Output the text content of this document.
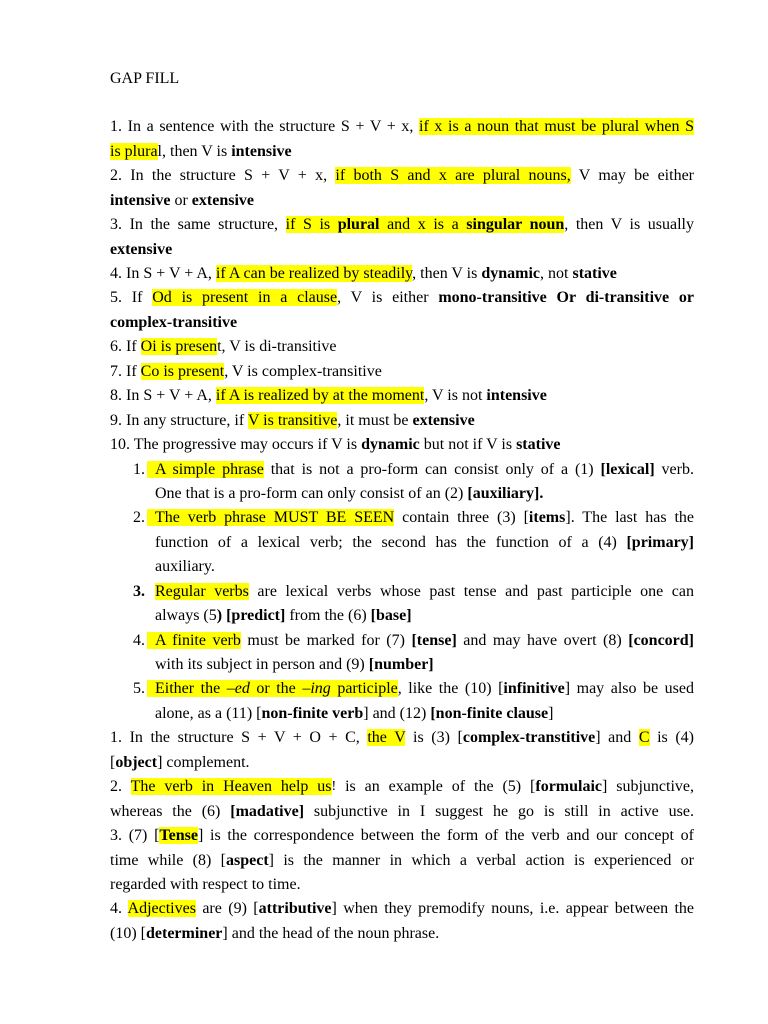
GAP FILL
1. In a sentence with the structure S + V + x, if x is a noun that must be plural when S
is plural, then V is intensive
2. In the structure S + V + x, if both S and x are plural nouns, V may be either
intensive or extensive
3. In the same structure, if S is plural and x is a singular noun, then V is usually
extensive
4. In S + V + A, if A can be realized by steadily, then V is dynamic, not stative
5. If Od is present in a clause, V is either mono-transitive Or di-transitive or
complex-transitive
6. If Oi is present, V is di-transitive
7. If Co is present, V is complex-transitive
8. In S + V + A, if A is realized by at the moment, V is not intensive
9. In any structure, if V is transitive, it must be extensive
10. The progressive may occurs if V is dynamic but not if V is stative
1. A simple phrase that is not a pro-form can consist only of a (1) [lexical] verb.
One that is a pro-form can only consist of an (2) [auxiliary].
2. The verb phrase MUST BE SEEN contain three (3) [items]. The last has the
function of a lexical verb; the second has the function of a (4) [primary]
auxiliary.
3. Regular verbs are lexical verbs whose past tense and past participle one can
always (5) [predict] from the (6) [base]
4. A finite verb must be marked for (7) [tense] and may have overt (8) [concord]
with its subject in person and (9) [number]
5. Either the –ed or the –ing participle, like the (10) [infinitive] may also be used
alone, as a (11) [non-finite verb] and (12) [non-finite clause]
1. In the structure S + V + O + C, the V is (3) [complex-transtitive] and C is (4)
[object] complement.
2. The verb in Heaven help us! is an example of the (5) [formulaic] subjunctive,
whereas the (6) [madative] subjunctive in I suggest he go is still in active use.
3. (7) [Tense] is the correspondence between the form of the verb and our concept of
time while (8) [aspect] is the manner in which a verbal action is experienced or
regarded with respect to time.
4. Adjectives are (9) [attributive] when they premodify nouns, i.e. appear between the
(10) [determiner] and the head of the noun phrase.
